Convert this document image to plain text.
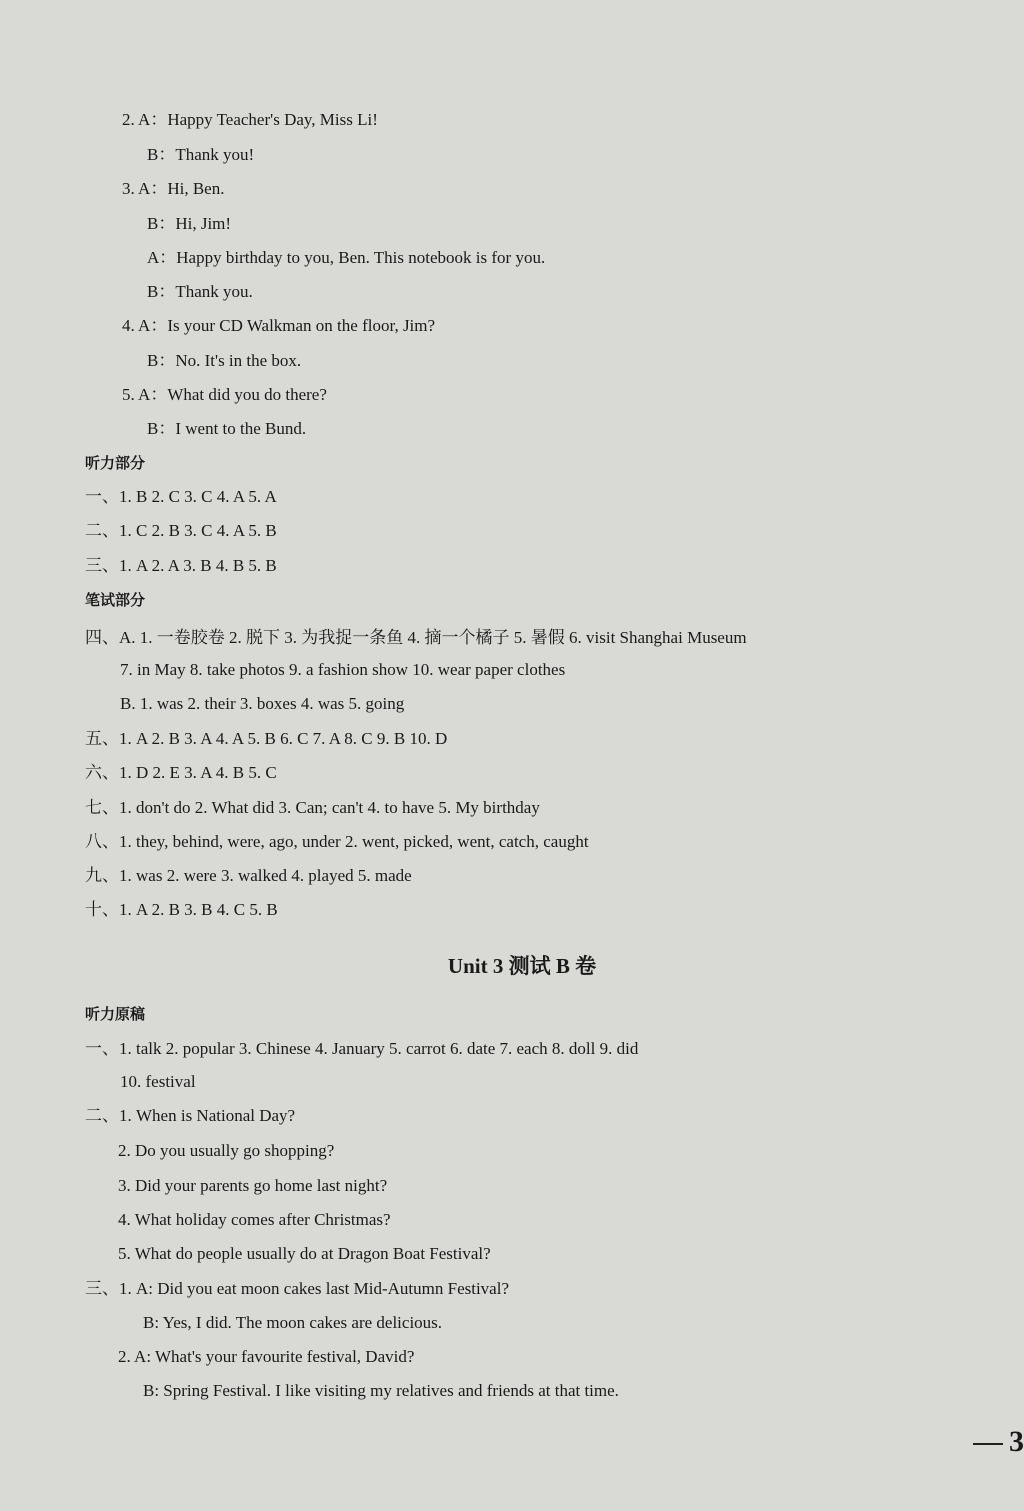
2. A：Happy Teacher's Day, Miss Li!
B：Thank you!
3. A：Hi, Ben.
B：Hi, Jim!
A：Happy birthday to you, Ben. This notebook is for you.
B：Thank you.
4. A：Is your CD Walkman on the floor, Jim?
B：No. It's in the box.
5. A：What did you do there?
B：I went to the Bund.
听力部分
一、1. B 2. C 3. C 4. A 5. A
二、1. C 2. B 3. C 4. A 5. B
三、1. A 2. A 3. B 4. B 5. B
笔试部分
四、A. 1. 一卷胶卷 2. 脱下 3. 为我捉一条鱼 4. 摘一个橘子 5. 暑假 6. visit Shanghai Museum
7. in May 8. take photos 9. a fashion show 10. wear paper clothes
B. 1. was 2. their 3. boxes 4. was 5. going
五、1. A 2. B 3. A 4. A 5. B 6. C 7. A 8. C 9. B 10. D
六、1. D 2. E 3. A 4. B 5. C
七、1. don't do 2. What did 3. Can; can't 4. to have 5. My birthday
八、1. they, behind, were, ago, under 2. went, picked, went, catch, caught
九、1. was 2. were 3. walked 4. played 5. made
十、1. A 2. B 3. B 4. C 5. B
Unit 3 测试 B 卷
听力原稿
一、1. talk 2. popular 3. Chinese 4. January 5. carrot 6. date 7. each 8. doll 9. did
10. festival
二、1. When is National Day?
2. Do you usually go shopping?
3. Did your parents go home last night?
4. What holiday comes after Christmas?
5. What do people usually do at Dragon Boat Festival?
三、1. A: Did you eat moon cakes last Mid-Autumn Festival?
B: Yes, I did. The moon cakes are delicious.
2. A: What's your favourite festival, David?
B: Spring Festival. I like visiting my relatives and friends at that time.
3
